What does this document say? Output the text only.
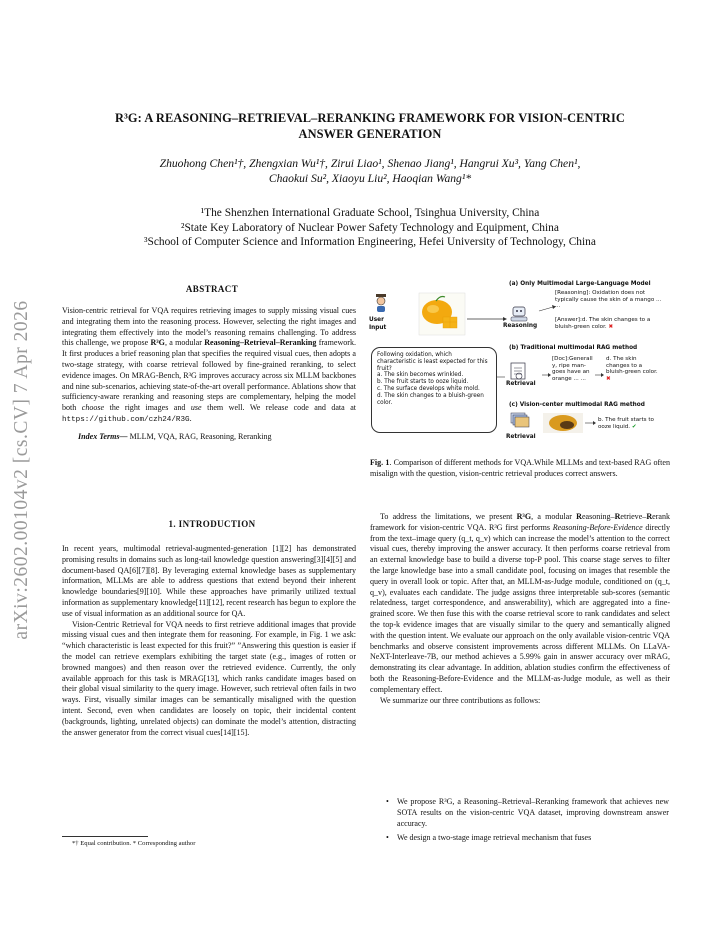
arXiv:2602.00104v2 [cs.CV] 7 Apr 2026
R³G: A REASONING–RETRIEVAL–RERANKING FRAMEWORK FOR VISION-CENTRIC
ANSWER GENERATION
Zhuohong Chen¹†, Zhengxian Wu¹†, Zirui Liao¹, Shenao Jiang¹, Hangrui Xu³, Yang Chen¹,
Chaokui Su², Xiaoyu Liu², Haoqian Wang¹*
¹The Shenzhen International Graduate School, Tsinghua University, China
²State Key Laboratory of Nuclear Power Safety Technology and Equipment, China
³School of Computer Science and Information Engineering, Hefei University of Technology, China
ABSTRACT

Vision-centric retrieval for VQA requires retrieving images to supply missing visual cues and integrating them into the reasoning process. However, selecting the right images and integrating them effectively into the model’s reasoning remains challenging. To address this challenge, we propose R³G, a modular Reasoning–Retrieval–Reranking framework. It first produces a brief reasoning plan that specifies the required visual cues, then adopts a two-stage strategy, with coarse retrieval followed by fine-grained reranking, to select evidence images. On MRAG-Bench, R³G improves accuracy across six MLLM backbones and nine sub-scenarios, achieving state-of-the-art overall performance. Ablations show that sufficiency-aware reranking and reasoning steps are complementary, helping the model both choose the right images and use them well. We release code and data at https://github.com/czh24/R3G.

Index Terms— MLLM, VQA, RAG, Reasoning, Reranking

1. INTRODUCTION

In recent years, multimodal retrieval-augmented-generation [1][2] has demonstrated promising results in domains such as long-tail knowledge question answering[3][4][5] and document-based QA[6][7][8]. By leveraging external knowledge bases as supplementary information, MLLMs are able to address questions that extend beyond their inherent knowledge boundaries[9][10]. While these approaches have primarily utilized textual information as supplementary knowledge[11][12], recent research has begun to explore the use of visual information as an additional source for QA.

Vision-Centric Retrieval for VQA needs to first retrieve additional images that provide missing visual cues and then integrate them for reasoning. For example, in Fig. 1 we ask: “which characteristic is least expected for this fruit?” ”Answering this question is easier if the model can retrieve exemplars exhibiting the target state (e.g., images of rotten or browned mangoes) and then reason over the retrieved evidence. Currently, the only available approach for this task is MRAG[13], which ranks candidate images based on their global visual similarity to the query image. However, such retrieval often fails in two ways. First, visually similar images can be semantically misaligned with the question intent. Second, even when candidates are loosely on topic, their incidental content (backgrounds, lighting, unrelated objects) can dominate the model’s attention, distracting the answer generator from the correct visual cues[14][15].

*† Equal contribution. * Corresponding author
User
Input
(a) Only Multimodal Large-Language Model
[Reasoning]: Oxidation does not typically cause the skin of a mango ... ...
[Answer]:d. The skin changes to a bluish-green color. ✖
Reasoning
Following oxidation, which characteristic is least expected for this fruit?
a. The skin becomes wrinkled.
b. The fruit starts to ooze liquid.
c. The surface develops white mold.
d. The skin changes to a bluish-green color.
(b) Traditional multimodal RAG method
[Doc]:Generall y, ripe man- goes have an orange ... ...
d. The skin changes to a bluish-green color. ✖
Retrieval
(c) Vision-center multimodal RAG method
b. The fruit starts to ooze liquid. ✔
Retrieval
Fig. 1. Comparison of different methods for VQA.While MLLMs and text-based RAG often misalign with the question, vision-centric retrieval produces correct answers.

To address the limitations, we present R³G, a modular Reasoning–Retrieve–Rerank framework for vision-centric VQA. R³G first performs Reasoning-Before-Evidence directly from the text–image query (q_t, q_v) which can increase the model’s attention to the correct visual cues, thereby improving the answer accuracy. It then performs coarse retrieval from an external knowledge base to build a diverse top-P pool. This coarse stage serves to filter the large knowledge base into a small candidate pool, focusing on images that resemble the query in overall look or topic. After that, an MLLM-as-Judge module, conditioned on (q_t, q_v), evaluates each candidate. The judge assigns three interpretable sub-scores (semantic relatedness, target correspondence, and answerability), which are aggregated into a fine-grained score. We then fuse this with the coarse retrieval score to rank candidates and select the top-k evidence images that are visually similar to the query and semantically aligned with the question intent. We evaluate our approach on the only available vision-centric VQA benchmarks and observe consistent improvements across different MLLMs. On LLaVA-NeXT-Interleave-7B, our method achieves a 5.99% gain in answer accuracy over mRAG, demonstrating its clear advantage. In addition, ablation studies confirm the effectiveness of both the Reasoning-Before-Evidence and the MLLM-as-Judge module, as well as their complementary effect.

We summarize our three contributions as follows:

• We propose R³G, a Reasoning–Retrieval–Reranking framework that achieves new SOTA results on the vision-centric VQA dataset, improving downstream answer accuracy.
• We design a two-stage image retrieval mechanism that fuses
